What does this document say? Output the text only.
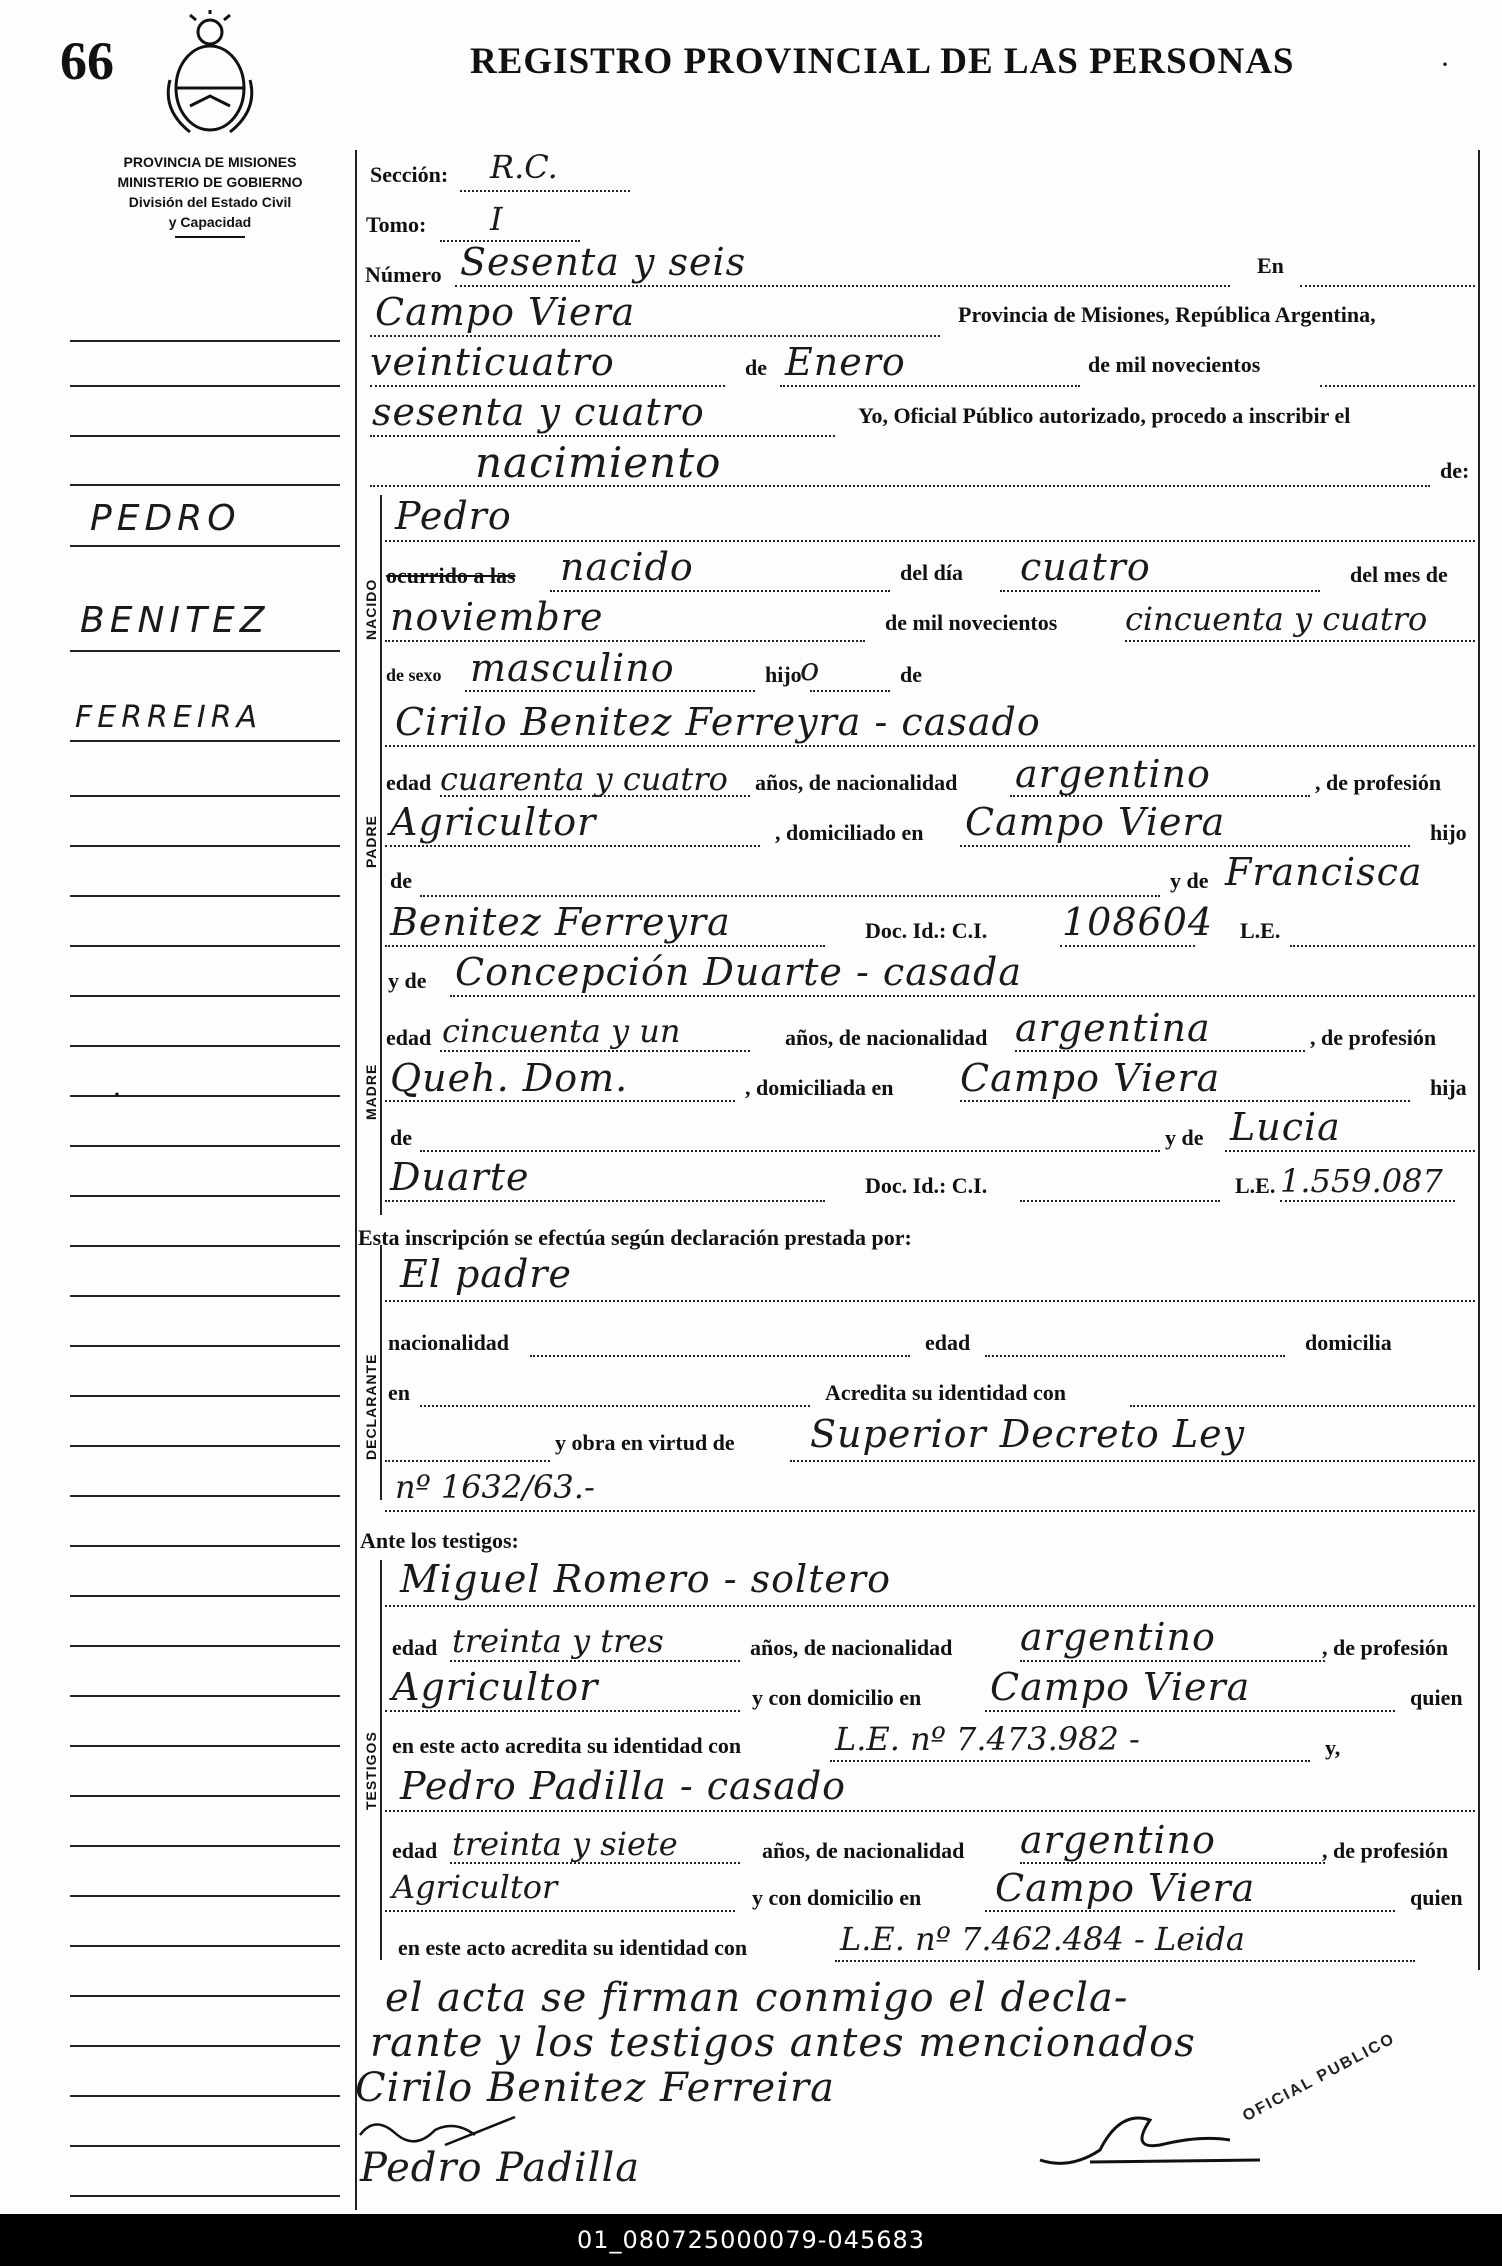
66	REGISTRO PROVINCIAL DE LAS PERSONAS	·
PROVINCIA DE MISIONES
MINISTERIO DE GOBIERNO
División del Estado Civil
y Capacidad
PEDRO
BENITEZ
FERREIRA
·
Sección: R.C.
Tomo: I
Número Sesenta y seis	En
Campo Viera	Provincia de Misiones, República Argentina,
veinticuatro	de Enero	de mil novecientos
sesenta y cuatro	Yo, Oficial Público autorizado, procedo a inscribir el
nacimiento	de:
NACIDO
Pedro
ocurrido a las nacido	del día cuatro	del mes de
noviembre	de mil novecientos cincuenta y cuatro
de sexo masculino	hijo
o	de
PADRE
Cirilo Benitez Ferreyra - casado
edad cuarenta y cuatro años, de nacionalidad argentino	, de profesión
Agricultor	, domiciliado en Campo Viera	hijo
de	y de Francisca
Benitez Ferreyra	Doc. Id.: C.I. 108604 L.E.
MADRE
y de Concepción Duarte - casada
edad cincuenta y un	años, de nacionalidad argentina	, de profesión
Queh. Dom.	, domiciliada en Campo Viera	hija
de	y de Lucia
Duarte	Doc. Id.: C.I.	L.E. 1.559.087
Esta inscripción se efectúa según declaración prestada por:
DECLARANTE
El padre
nacionalidad	edad	domicilia
en	Acredita su identidad con
y obra en virtud de Superior Decreto Ley
nº 1632/63.-
Ante los testigos:
TESTIGOS
Miguel Romero - soltero
edad treinta y tres	años, de nacionalidad argentino	, de profesión
Agricultor	y con domicilio en Campo Viera	quien
en este acto acredita su identidad con	L.E. nº 7.473.982 -	y,
Pedro Padilla - casado
edad treinta y siete	años, de nacionalidad argentino	, de profesión
Agricultor	y con domicilio en Campo Viera	quien
en este acto acredita su identidad con	L.E. nº 7.462.484 - Leida
el acta se firman conmigo el decla-
rante y los testigos antes mencionados
Cirilo Benitez Ferreira
Pedro Padilla
OFICIAL PUBLICO
01_080725000079-045683
